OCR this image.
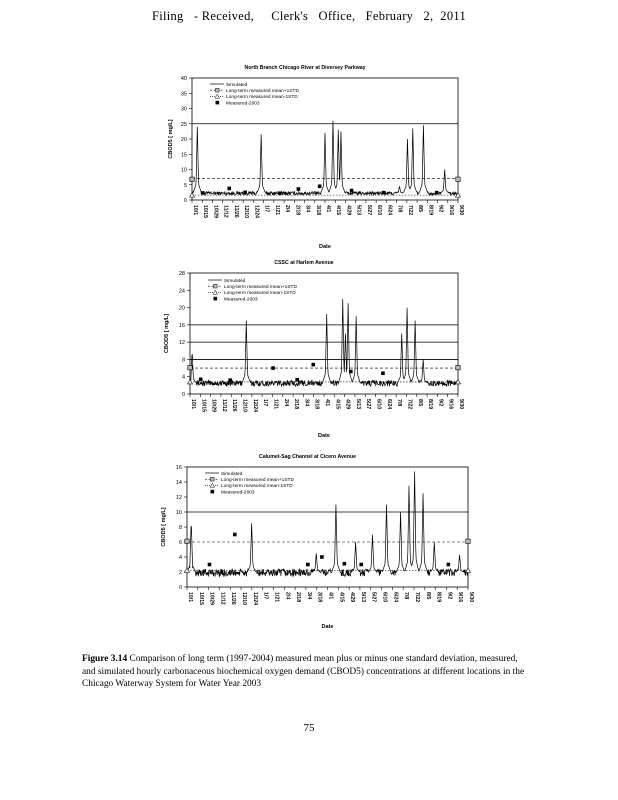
Filing   - Received,     Clerk's   Office,   February   2,  2011
North Branch Chicago River at Diversey Parkway
0
5
10
15
20
25
30
35
40
CBOD5 [ mg/L]
10/1 10/15 10/29 11/12 11/26 12/10 12/24 1/7 1/21 2/4 2/18 3/4 3/18 4/1 4/15 4/29 5/13 5/27 6/10 6/24 7/8 7/22 8/5 8/19 9/2 9/16 9/30
Date
Simulated
Long-term measured mean+1STD
Long-term measured mean-1STD
Measured-2003
CSSC at Harlem Avenue
0
4
8
12
16
20
24
28
CBOD5 [ mg/L]
10/1 10/15 10/29 11/12 11/26 12/10 12/24 1/7 1/21 2/4 2/18 3/4 3/18 4/1 4/15 4/29 5/13 5/27 6/10 6/24 7/8 7/22 8/5 8/19 9/2 9/16 9/30
Date
Simulated
Long-term measured mean+1STD
Long-term measured mean-1STD
Measured-2003
Calumet-Sag Channel at Cicero Avenue
0
2
4
6
8
10
12
14
16
CBOD5 [ mg/L]
10/1 10/15 10/29 11/12 11/26 12/10 12/24 1/7 1/21 2/4 2/18 3/4 3/18 4/1 4/15 4/29 5/13 5/27 6/10 6/24 7/8 7/22 8/5 8/19 9/2 9/16 9/30
Date
Simulated
Long-term measured mean+1STD
Long-term measured mean-1STD
Measured-2003
Figure 3.14 Comparison of long term (1997-2004) measured mean plus or minus one standard deviation, measured, and simulated hourly carbonaceous biochemical oxygen demand (CBOD5) concentrations at different locations in the Chicago Waterway System for Water Year 2003
75
